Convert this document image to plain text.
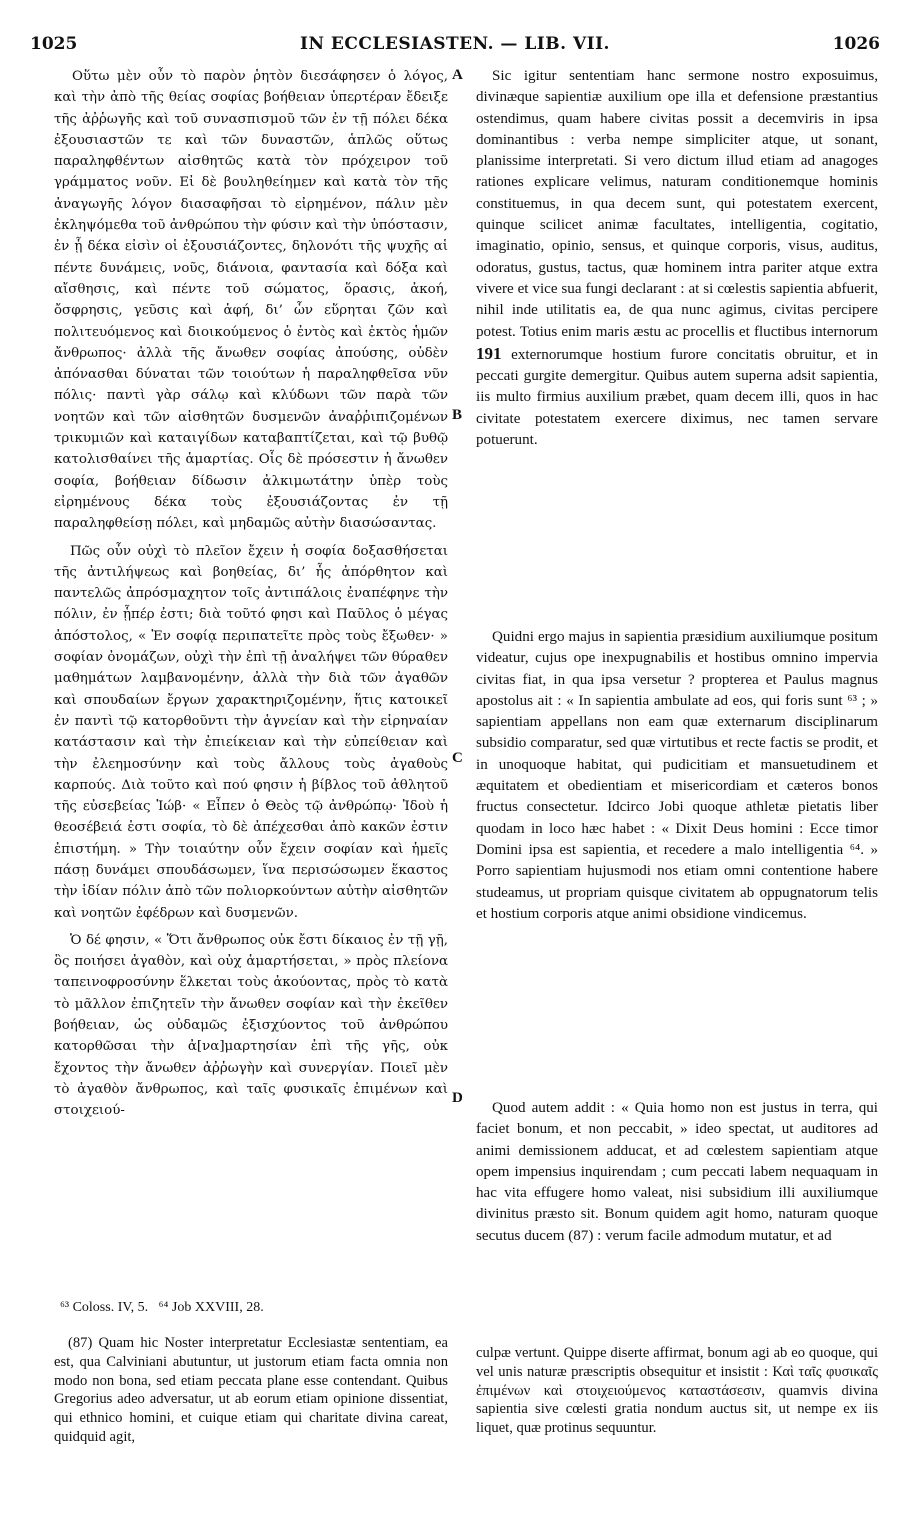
1025	IN ECCLESIASTEN. — LIB. VII.	1026

Οὕτω μὲν οὖν τὸ παρὸν ῥητὸν διεσάφησεν ὁ λόγος, καὶ τὴν ἀπὸ τῆς θείας σοφίας βοήθειαν ὑπερτέραν ἔδειξε τῆς ἀῤῥωγῆς καὶ τοῦ συνασπισμοῦ τῶν ἐν τῇ πόλει δέκα ἐξουσιαστῶν τε καὶ τῶν δυναστῶν, ἁπλῶς οὕτως παραληφθέντων αἰσθητῶς κατὰ τὸν πρόχειρον τοῦ γράμματος νοῦν. Εἰ δὲ βουληθείημεν καὶ κατὰ τὸν τῆς ἀναγωγῆς λόγον διασαφῆσαι τὸ εἰρημένον, πάλιν μὲν ἐκληψόμεθα τοῦ ἀνθρώπου τὴν φύσιν καὶ τὴν ὑπόστασιν, ἐν ᾗ δέκα εἰσὶν οἱ ἐξουσιάζοντες, δηλονότι τῆς ψυχῆς αἱ πέντε δυνάμεις, νοῦς, διάνοια, φαντασία καὶ δόξα καὶ αἴσθησις, καὶ πέντε τοῦ σώματος, ὅρασις, ἀκοή, ὄσφρησις, γεῦσις καὶ ἁφή, δι’ ὧν εὕρηται ζῶν καὶ πολιτευόμενος καὶ διοικούμενος ὁ ἐντὸς καὶ ἐκτὸς ἡμῶν ἄνθρωπος· ἀλλὰ τῆς ἄνωθεν σοφίας ἀπούσης, οὐδὲν ἀπόνασθαι δύναται τῶν τοιούτων ἡ παραληφθεῖσα νῦν πόλις· παντὶ γὰρ σάλῳ καὶ κλύδωνι τῶν παρὰ τῶν νοητῶν καὶ τῶν αἰσθητῶν δυσμενῶν ἀναῤῥιπιζομένων τρικυμιῶν καὶ καταιγίδων καταβαπτίζεται, καὶ τῷ βυθῷ κατολισθαίνει τῆς ἁμαρτίας. Οἷς δὲ πρόσεστιν ἡ ἄνωθεν σοφία, βοήθειαν δίδωσιν ἀλκιμωτάτην ὑπὲρ τοὺς εἰρημένους δέκα τοὺς ἐξουσιάζοντας ἐν τῇ παραληφθείσῃ πόλει, καὶ μηδαμῶς αὐτὴν διασώσαντας.

Πῶς οὖν οὐχὶ τὸ πλεῖον ἔχειν ἡ σοφία δοξασθήσεται τῆς ἀντιλήψεως καὶ βοηθείας, δι’ ἧς ἀπόρθητον καὶ παντελῶς ἀπρόσμαχητον τοῖς ἀντιπάλοις ἐναπέφηνε τὴν πόλιν, ἐν ᾗπέρ ἐστι; διὰ τοῦτό φησι καὶ Παῦλος ὁ μέγας ἀπόστολος, « Ἐν σοφίᾳ περιπατεῖτε πρὸς τοὺς ἔξωθεν· » σοφίαν ὀνομάζων, οὐχὶ τὴν ἐπὶ τῇ ἀναλήψει τῶν θύραθεν μαθημάτων λαμβανομένην, ἀλλὰ τὴν διὰ τῶν ἀγαθῶν καὶ σπουδαίων ἔργων χαρακτηριζομένην, ἥτις κατοικεῖ ἐν παντὶ τῷ κατορθοῦντι τὴν ἁγνείαν καὶ τὴν εἰρηναίαν κατάστασιν καὶ τὴν ἐπιείκειαν καὶ τὴν εὐπείθειαν καὶ τὴν ἐλεημοσύνην καὶ τοὺς ἄλλους τοὺς ἀγαθοὺς καρπούς. Διὰ τοῦτο καὶ πού φησιν ἡ βίβλος τοῦ ἀθλητοῦ τῆς εὐσεβείας Ἰώβ· « Εἶπεν ὁ Θεὸς τῷ ἀνθρώπῳ· Ἰδοὺ ἡ θεοσέβειά ἐστι σοφία, τὸ δὲ ἀπέχεσθαι ἀπὸ κακῶν ἐστιν ἐπιστήμη. » Τὴν τοιαύτην οὖν ἔχειν σοφίαν καὶ ἡμεῖς πάσῃ δυνάμει σπουδάσωμεν, ἵνα περισώσωμεν ἕκαστος τὴν ἰδίαν πόλιν ἀπὸ τῶν πολιορκούντων αὐτὴν αἰσθητῶν καὶ νοητῶν ἐφέδρων καὶ δυσμενῶν.

Ὁ δέ φησιν, « Ὅτι ἄνθρωπος οὐκ ἔστι δίκαιος ἐν τῇ γῇ, ὃς ποιήσει ἀγαθὸν, καὶ οὐχ ἁμαρτήσεται, » πρὸς πλείονα ταπεινοφροσύνην ἕλκεται τοὺς ἀκούοντας, πρὸς τὸ κατὰ τὸ μᾶλλον ἐπιζητεῖν τὴν ἄνωθεν σοφίαν καὶ τὴν ἐκεῖθεν βοήθειαν, ὡς οὐδαμῶς ἐξισχύοντος τοῦ ἀνθρώπου κατορθῶσαι τὴν ἀ[να]μαρτησίαν ἐπὶ τῆς γῆς, οὐκ ἔχοντος τὴν ἄνωθεν ἀῤῥωγὴν καὶ συνεργίαν. Ποιεῖ μὲν τὸ ἀγαθὸν ἄνθρωπος, καὶ ταῖς φυσικαῖς ἐπιμένων καὶ στοιχειού-

A
B
C
D

Sic igitur sententiam hanc sermone nostro exposuimus, divinæque sapientiæ auxilium ope illa et defensione præstantius ostendimus, quam habere civitas possit a decemviris in ipsa dominantibus : verba nempe simpliciter atque, ut sonant, planissime interpretati. Si vero dictum illud etiam ad anagoges rationes explicare velimus, naturam conditionemque hominis constituemus, in qua decem sunt, qui potestatem exercent, quinque scilicet animæ facultates, intelligentia, cogitatio, imaginatio, opinio, sensus, et quinque corporis, visus, auditus, odoratus, gustus, tactus, quæ hominem intra pariter atque extra vivere et vice sua fungi declarant : at si cœlestis sapientia abfuerit, nihil inde utilitatis ea, de qua nunc agimus, civitas percipere potest. Totius enim maris æstu ac procellis et fluctibus internorum 191 externorumque hostium furore concitatis obruitur, et in peccati gurgite demergitur. Quibus autem superna adsit sapientia, iis multo firmius auxilium præbet, quam decem illi, quos in hac civitate potestatem exercere diximus, nec tamen servare potuerunt.

Quidni ergo majus in sapientia præsidium auxiliumque positum videatur, cujus ope inexpugnabilis et hostibus omnino impervia civitas fiat, in qua ipsa versetur ? propterea et Paulus magnus apostolus ait : « In sapientia ambulate ad eos, qui foris sunt ⁶³ ; » sapientiam appellans non eam quæ externarum disciplinarum subsidio comparatur, sed quæ virtutibus et recte factis se prodit, et in unoquoque habitat, qui pudicitiam et mansuetudinem et æquitatem et obedientiam et misericordiam et cæteros bonos fructus consectetur. Idcirco Jobi quoque athletæ pietatis liber quodam in loco hæc habet : « Dixit Deus homini : Ecce timor Domini ipsa est sapientia, et recedere a malo intelligentia ⁶⁴. » Porro sapientiam hujusmodi nos etiam omni contentione habere studeamus, ut propriam quisque civitatem ab oppugnatorum telis et hostium corporis atque animi obsidione vindicemus.

Quod autem addit : « Quia homo non est justus in terra, qui faciet bonum, et non peccabit, » ideo spectat, ut auditores ad animi demissionem adducat, et ad cœlestem sapientiam atque opem impensius inquirendam ; cum peccati labem nequaquam in hac vita effugere homo valeat, nisi subsidium illi auxiliumque divinitus præsto sit. Bonum quidem agit homo, naturam quoque secutus ducem (87) : verum facile admodum mutatur, et ad

⁶³ Coloss. IV, 5.   ⁶⁴ Job XXVIII, 28.

(87) Quam hic Noster interpretatur Ecclesiastæ sententiam, ea est, qua Calviniani abutuntur, ut justorum etiam facta omnia non modo non bona, sed etiam peccata plane esse contendant. Quibus Gregorius adeo adversatur, ut ab eorum etiam opinione dissentiat, qui ethnico homini, et cuique etiam qui charitate divina careat, quidquid agit,

culpæ vertunt. Quippe diserte affirmat, bonum agi ab eo quoque, qui vel unis naturæ præscriptis obsequitur et insistit : Καὶ ταῖς φυσικαῖς ἐπιμένων καὶ στοιχειούμενος καταστάσεσιν, quamvis divina sapientia sive cœlesti gratia nondum auctus sit, ut nempe ex iis liquet, quæ protinus sequuntur.
